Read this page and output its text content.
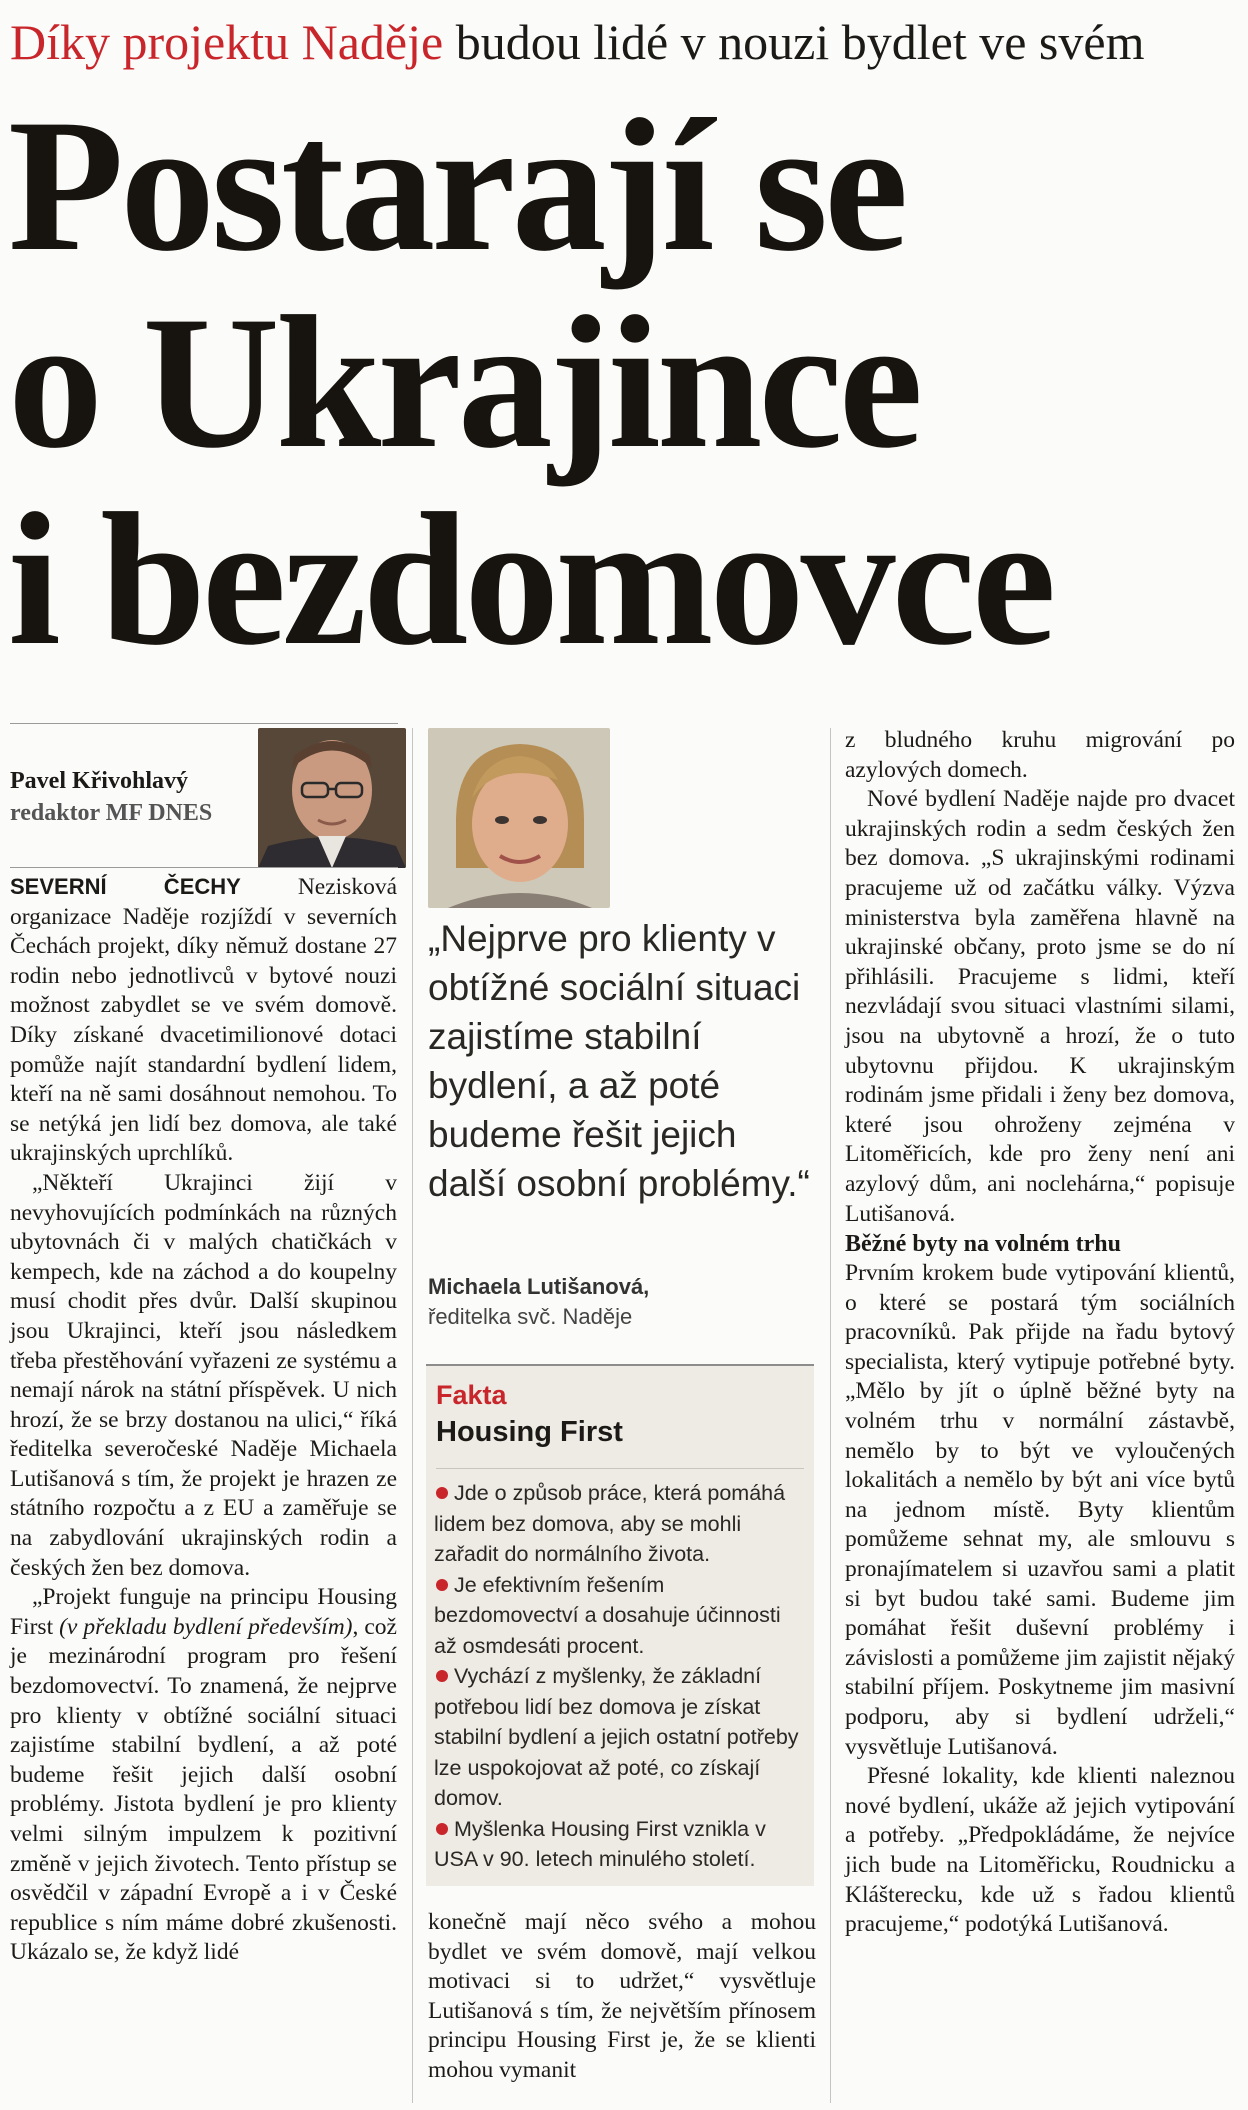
Díky projektu Naděje budou lidé v nouzi bydlet ve svém
Postarají se
o Ukrajince
i bezdomovce
Pavel Křivohlavý
redaktor MF DNES

SEVERNÍ ČECHY Nezisková organizace Naděje rozjíždí v severních Čechách projekt, díky němuž dostane 27 rodin nebo jednotlivců v bytové nouzi možnost zabydlet se ve svém domově. Díky získané dvacetimilionové dotaci pomůže najít standardní bydlení lidem, kteří na ně sami dosáhnout nemohou. To se netýká jen lidí bez domova, ale také ukrajinských uprchlíků.

„Někteří Ukrajinci žijí v nevyhovujících podmínkách na různých ubytovnách či v malých chatičkách v kempech, kde na záchod a do koupelny musí chodit přes dvůr. Další skupinou jsou Ukrajinci, kteří jsou následkem třeba přestěhování vyřazeni ze systému a nemají nárok na státní příspěvek. U nich hrozí, že se brzy dostanou na ulici,“ říká ředitelka severočeské Naděje Michaela Lutišanová s tím, že projekt je hrazen ze státního rozpočtu a z EU a zaměřuje se na zabydlování ukrajinských rodin a českých žen bez domova.

„Projekt funguje na principu Housing First (v překladu bydlení především), což je mezinárodní program pro řešení bezdomovectví. To znamená, že nejprve pro klienty v obtížné sociální situaci zajistíme stabilní bydlení, a až poté budeme řešit jejich další osobní problémy. Jistota bydlení je pro klienty velmi silným impulzem k pozitivní změně v jejich životech. Tento přístup se osvědčil v západní Evropě a i v České republice s ním máme dobré zkušenosti. Ukázalo se, že když lidé

„Nejprve pro klienty v obtížné sociální situaci zajistíme stabilní bydlení, a až poté budeme řešit jejich další osobní problémy.“
Michaela Lutišanová,
ředitelka svč. Naděje
Fakta
Housing First

Jde o způsob práce, která pomáhá lidem bez domova, aby se mohli zařadit do normálního života.

Je efektivním řešením bezdomovectví a dosahuje účinnosti až osmdesáti procent.

Vychází z myšlenky, že základní potřebou lidí bez domova je získat stabilní bydlení a jejich ostatní potřeby lze uspokojovat až poté, co získají domov.

Myšlenka Housing First vznikla v USA v 90. letech minulého století.

konečně mají něco svého a mohou bydlet ve svém domově, mají velkou motivaci si to udržet,“ vysvětluje Lutišanová s tím, že největším přínosem principu Housing First je, že se klienti mohou vymanit

z bludného kruhu migrování po azylových domech.

Nové bydlení Naděje najde pro dvacet ukrajinských rodin a sedm českých žen bez domova. „S ukrajinskými rodinami pracujeme už od začátku války. Výzva ministerstva byla zaměřena hlavně na ukrajinské občany, proto jsme se do ní přihlásili. Pracujeme s lidmi, kteří nezvládají svou situaci vlastními silami, jsou na ubytovně a hrozí, že o tuto ubytovnu přijdou. K ukrajinským rodinám jsme přidali i ženy bez domova, které jsou ohroženy zejména v Litoměřicích, kde pro ženy není ani azylový dům, ani noclehárna,“ popisuje Lutišanová.

Běžné byty na volném trhu

Prvním krokem bude vytipování klientů, o které se postará tým sociálních pracovníků. Pak přijde na řadu bytový specialista, který vytipuje potřebné byty. „Mělo by jít o úplně běžné byty na volném trhu v normální zástavbě, nemělo by to být ve vyloučených lokalitách a nemělo by být ani více bytů na jednom místě. Byty klientům pomůžeme sehnat my, ale smlouvu s pronajímatelem si uzavřou sami a platit si byt budou také sami. Budeme jim pomáhat řešit duševní problémy i závislosti a pomůžeme jim zajistit nějaký stabilní příjem. Poskytneme jim masivní podporu, aby si bydlení udrželi,“ vysvětluje Lutišanová.

Přesné lokality, kde klienti naleznou nové bydlení, ukáže až jejich vytipování a potřeby. „Předpokládáme, že nejvíce jich bude na Litoměřicku, Roudnicku a Klášterecku, kde už s řadou klientů pracujeme,“ podotýká Lutišanová.
